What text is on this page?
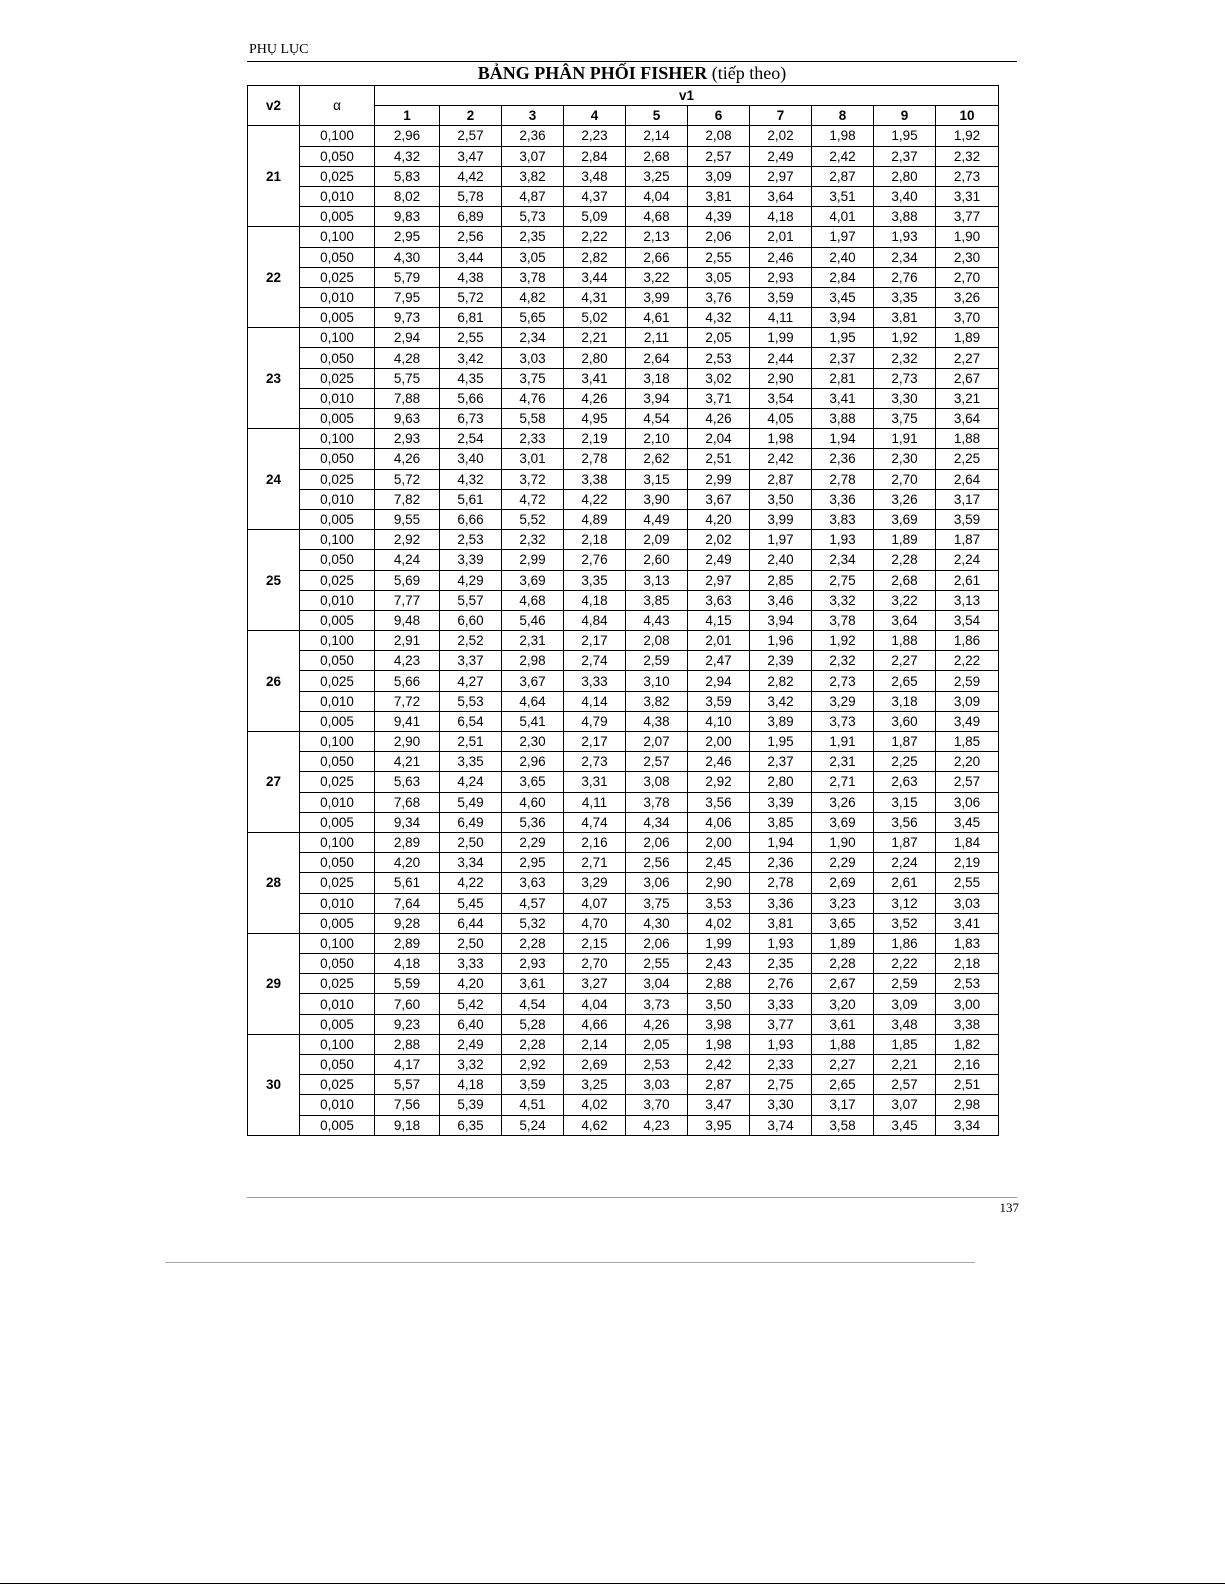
PHỤ LỤC
BẢNG PHÂN PHỐI FISHER (tiếp theo)
v2	α	v1									
		1	2	3	4	5	6	7	8	9	10
21	0,100	2,96	2,57	2,36	2,23	2,14	2,08	2,02	1,98	1,95	1,92
	0,050	4,32	3,47	3,07	2,84	2,68	2,57	2,49	2,42	2,37	2,32
	0,025	5,83	4,42	3,82	3,48	3,25	3,09	2,97	2,87	2,80	2,73
	0,010	8,02	5,78	4,87	4,37	4,04	3,81	3,64	3,51	3,40	3,31
	0,005	9,83	6,89	5,73	5,09	4,68	4,39	4,18	4,01	3,88	3,77
22	0,100	2,95	2,56	2,35	2,22	2,13	2,06	2,01	1,97	1,93	1,90
	0,050	4,30	3,44	3,05	2,82	2,66	2,55	2,46	2,40	2,34	2,30
	0,025	5,79	4,38	3,78	3,44	3,22	3,05	2,93	2,84	2,76	2,70
	0,010	7,95	5,72	4,82	4,31	3,99	3,76	3,59	3,45	3,35	3,26
	0,005	9,73	6,81	5,65	5,02	4,61	4,32	4,11	3,94	3,81	3,70
23	0,100	2,94	2,55	2,34	2,21	2,11	2,05	1,99	1,95	1,92	1,89
	0,050	4,28	3,42	3,03	2,80	2,64	2,53	2,44	2,37	2,32	2,27
	0,025	5,75	4,35	3,75	3,41	3,18	3,02	2,90	2,81	2,73	2,67
	0,010	7,88	5,66	4,76	4,26	3,94	3,71	3,54	3,41	3,30	3,21
	0,005	9,63	6,73	5,58	4,95	4,54	4,26	4,05	3,88	3,75	3,64
24	0,100	2,93	2,54	2,33	2,19	2,10	2,04	1,98	1,94	1,91	1,88
	0,050	4,26	3,40	3,01	2,78	2,62	2,51	2,42	2,36	2,30	2,25
	0,025	5,72	4,32	3,72	3,38	3,15	2,99	2,87	2,78	2,70	2,64
	0,010	7,82	5,61	4,72	4,22	3,90	3,67	3,50	3,36	3,26	3,17
	0,005	9,55	6,66	5,52	4,89	4,49	4,20	3,99	3,83	3,69	3,59
25	0,100	2,92	2,53	2,32	2,18	2,09	2,02	1,97	1,93	1,89	1,87
	0,050	4,24	3,39	2,99	2,76	2,60	2,49	2,40	2,34	2,28	2,24
	0,025	5,69	4,29	3,69	3,35	3,13	2,97	2,85	2,75	2,68	2,61
	0,010	7,77	5,57	4,68	4,18	3,85	3,63	3,46	3,32	3,22	3,13
	0,005	9,48	6,60	5,46	4,84	4,43	4,15	3,94	3,78	3,64	3,54
26	0,100	2,91	2,52	2,31	2,17	2,08	2,01	1,96	1,92	1,88	1,86
	0,050	4,23	3,37	2,98	2,74	2,59	2,47	2,39	2,32	2,27	2,22
	0,025	5,66	4,27	3,67	3,33	3,10	2,94	2,82	2,73	2,65	2,59
	0,010	7,72	5,53	4,64	4,14	3,82	3,59	3,42	3,29	3,18	3,09
	0,005	9,41	6,54	5,41	4,79	4,38	4,10	3,89	3,73	3,60	3,49
27	0,100	2,90	2,51	2,30	2,17	2,07	2,00	1,95	1,91	1,87	1,85
	0,050	4,21	3,35	2,96	2,73	2,57	2,46	2,37	2,31	2,25	2,20
	0,025	5,63	4,24	3,65	3,31	3,08	2,92	2,80	2,71	2,63	2,57
	0,010	7,68	5,49	4,60	4,11	3,78	3,56	3,39	3,26	3,15	3,06
	0,005	9,34	6,49	5,36	4,74	4,34	4,06	3,85	3,69	3,56	3,45
28	0,100	2,89	2,50	2,29	2,16	2,06	2,00	1,94	1,90	1,87	1,84
	0,050	4,20	3,34	2,95	2,71	2,56	2,45	2,36	2,29	2,24	2,19
	0,025	5,61	4,22	3,63	3,29	3,06	2,90	2,78	2,69	2,61	2,55
	0,010	7,64	5,45	4,57	4,07	3,75	3,53	3,36	3,23	3,12	3,03
	0,005	9,28	6,44	5,32	4,70	4,30	4,02	3,81	3,65	3,52	3,41
29	0,100	2,89	2,50	2,28	2,15	2,06	1,99	1,93	1,89	1,86	1,83
	0,050	4,18	3,33	2,93	2,70	2,55	2,43	2,35	2,28	2,22	2,18
	0,025	5,59	4,20	3,61	3,27	3,04	2,88	2,76	2,67	2,59	2,53
	0,010	7,60	5,42	4,54	4,04	3,73	3,50	3,33	3,20	3,09	3,00
	0,005	9,23	6,40	5,28	4,66	4,26	3,98	3,77	3,61	3,48	3,38
30	0,100	2,88	2,49	2,28	2,14	2,05	1,98	1,93	1,88	1,85	1,82
	0,050	4,17	3,32	2,92	2,69	2,53	2,42	2,33	2,27	2,21	2,16
	0,025	5,57	4,18	3,59	3,25	3,03	2,87	2,75	2,65	2,57	2,51
	0,010	7,56	5,39	4,51	4,02	3,70	3,47	3,30	3,17	3,07	2,98
	0,005	9,18	6,35	5,24	4,62	4,23	3,95	3,74	3,58	3,45	3,34
137
